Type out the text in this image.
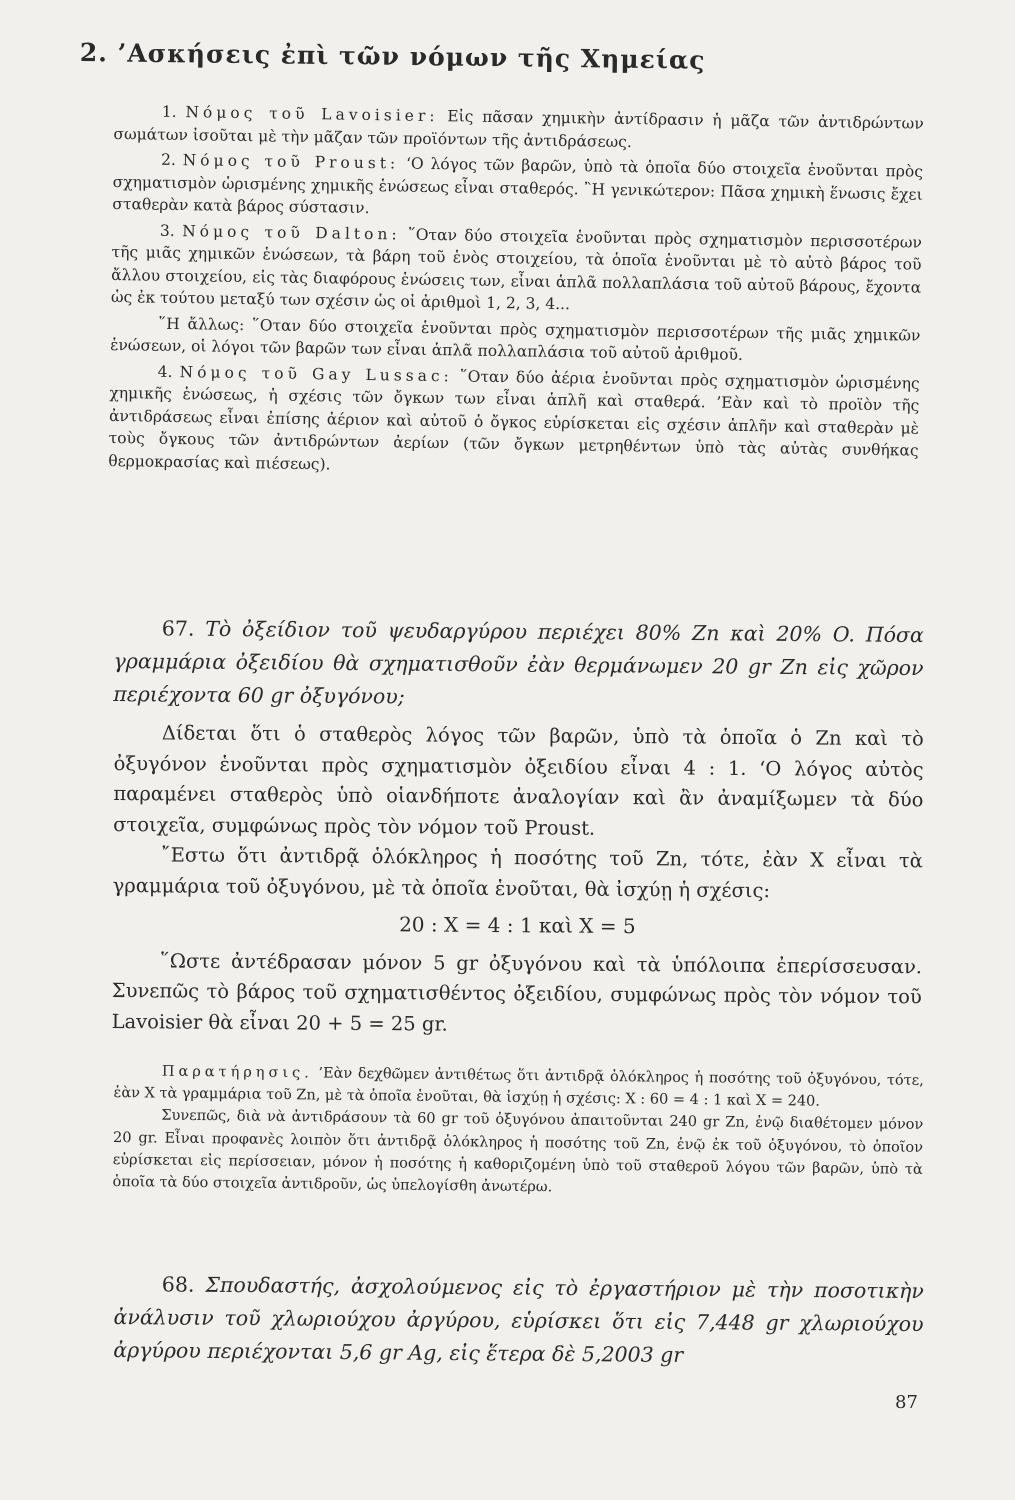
2. ’Ασκήσεις ἐπὶ τῶν νόμων τῆς Χημείας

1. Νόμος τοῦ Lavoisier: Εἰς πᾶσαν χημικὴν ἀντίδρασιν ἡ μᾶζα τῶν ἀντιδρώντων σωμάτων ἰσοῦται μὲ τὴν μᾶζαν τῶν προϊόντων τῆς ἀντιδράσεως.

2. Νόμος τοῦ Proust: ‘Ο λόγος τῶν βαρῶν, ὑπὸ τὰ ὁποῖα δύο στοιχεῖα ἑνοῦνται πρὸς σχηματισμὸν ὡρισμένης χημικῆς ἑνώσεως εἶναι σταθερός. ῍Η γενικώτερον: Πᾶσα χημικὴ ἕνωσις ἔχει σταθερὰν κατὰ βάρος σύστασιν.

3. Νόμος τοῦ Dalton: ῞Οταν δύο στοιχεῖα ἑνοῦνται πρὸς σχηματισμὸν περισσοτέρων τῆς μιᾶς χημικῶν ἑνώσεων, τὰ βάρη τοῦ ἑνὸς στοιχείου, τὰ ὁποῖα ἑνοῦνται μὲ τὸ αὐτὸ βάρος τοῦ ἄλλου στοιχείου, εἰς τὰς διαφόρους ἑνώσεις των, εἶναι ἁπλᾶ πολλαπλάσια τοῦ αὐτοῦ βάρους, ἔχοντα ὡς ἐκ τούτου μεταξύ των σχέσιν ὡς οἱ ἀριθμοὶ 1, 2, 3, 4...

῞Η ἄλλως: ῞Οταν δύο στοιχεῖα ἑνοῦνται πρὸς σχηματισμὸν περισσοτέρων τῆς μιᾶς χημικῶν ἑνώσεων, οἱ λόγοι τῶν βαρῶν των εἶναι ἁπλᾶ πολλαπλάσια τοῦ αὐτοῦ ἀριθμοῦ.

4. Νόμος τοῦ Gay Lussac: ῞Οταν δύο ἀέρια ἑνοῦνται πρὸς σχηματισμὸν ὡρισμένης χημικῆς ἑνώσεως, ἡ σχέσις τῶν ὄγκων των εἶναι ἁπλῆ καὶ σταθερά. ’Εὰν καὶ τὸ προϊὸν τῆς ἀντιδράσεως εἶναι ἐπίσης ἀέριον καὶ αὐτοῦ ὁ ὄγκος εὑρίσκεται εἰς σχέσιν ἁπλῆν καὶ σταθερὰν μὲ τοὺς ὄγκους τῶν ἀντιδρώντων ἀερίων (τῶν ὄγκων μετρηθέντων ὑπὸ τὰς αὐτὰς συνθήκας θερμοκρασίας καὶ πιέσεως).

67. Τὸ ὀξείδιον τοῦ ψευδαργύρου περιέχει 80% Zn καὶ 20% O. Πόσα γραμμάρια ὀξειδίου θὰ σχηματισθοῦν ἐὰν θερμάνωμεν 20 gr Zn εἰς χῶρον περιέχοντα 60 gr ὀξυγόνου;

Δίδεται ὅτι ὁ σταθερὸς λόγος τῶν βαρῶν, ὑπὸ τὰ ὁποῖα ὁ Zn καὶ τὸ ὀξυγόνον ἑνοῦνται πρὸς σχηματισμὸν ὀξειδίου εἶναι 4 : 1. ‘Ο λόγος αὐτὸς παραμένει σταθερὸς ὑπὸ οἱανδήποτε ἀναλογίαν καὶ ἂν ἀναμίξωμεν τὰ δύο στοιχεῖα, συμφώνως πρὸς τὸν νόμον τοῦ Proust.

῎Εστω ὅτι ἀντιδρᾷ ὁλόκληρος ἡ ποσότης τοῦ Zn, τότε, ἐὰν X εἶναι τὰ γραμμάρια τοῦ ὀξυγόνου, μὲ τὰ ὁποῖα ἑνοῦται, θὰ ἰσχύῃ ἡ σχέσις:

20 : X = 4 : 1 καὶ X = 5

῞Ωστε ἀντέδρασαν μόνον 5 gr ὀξυγόνου καὶ τὰ ὑπόλοιπα ἐπερίσσευσαν. Συνεπῶς τὸ βάρος τοῦ σχηματισθέντος ὀξειδίου, συμφώνως πρὸς τὸν νόμον τοῦ Lavoisier θὰ εἶναι 20 + 5 = 25 gr.

Παρατήρησις. ’Εὰν δεχθῶμεν ἀντιθέτως ὅτι ἀντιδρᾷ ὁλόκληρος ἡ ποσότης τοῦ ὀξυγόνου, τότε, ἐὰν X τὰ γραμμάρια τοῦ Zn, μὲ τὰ ὁποῖα ἑνοῦται, θὰ ἰσχύῃ ἡ σχέσις: X : 60 = 4 : 1 καὶ X = 240.

Συνεπῶς, διὰ νὰ ἀντιδράσουν τὰ 60 gr τοῦ ὀξυγόνου ἀπαιτοῦνται 240 gr Zn, ἐνῷ διαθέτομεν μόνον 20 gr. Εἶναι προφανὲς λοιπὸν ὅτι ἀντιδρᾷ ὁλόκληρος ἡ ποσότης τοῦ Zn, ἐνῷ ἐκ τοῦ ὀξυγόνου, τὸ ὁποῖον εὑρίσκεται εἰς περίσσειαν, μόνον ἡ ποσότης ἡ καθοριζομένη ὑπὸ τοῦ σταθεροῦ λόγου τῶν βαρῶν, ὑπὸ τὰ ὁποῖα τὰ δύο στοιχεῖα ἀντιδροῦν, ὡς ὑπελογίσθη ἀνωτέρω.

68. Σπουδαστής, ἀσχολούμενος εἰς τὸ ἐργαστήριον μὲ τὴν ποσοτικὴν ἀνάλυσιν τοῦ χλωριούχου ἀργύρου, εὑρίσκει ὅτι εἰς 7,448 gr χλωριούχου ἀργύρου περιέχονται 5,6 gr Ag, εἰς ἕτερα δὲ 5,2003 gr
87
